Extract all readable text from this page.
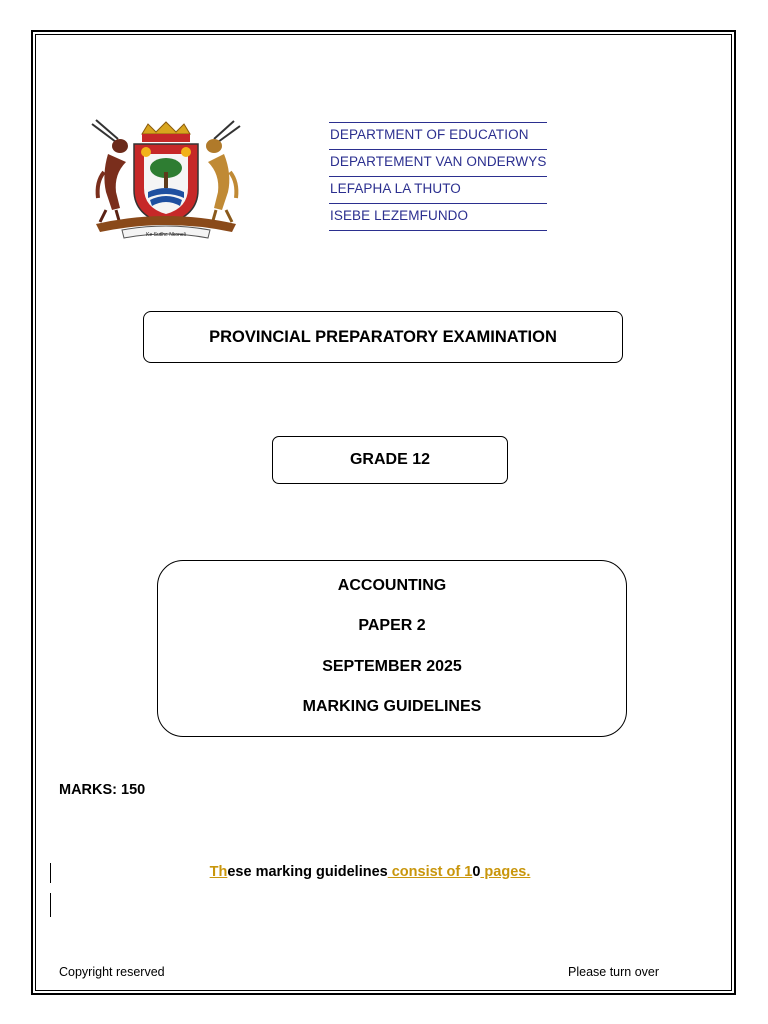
Ke Sutlhe Nkoneli
DEPARTMENT OF EDUCATION
DEPARTEMENT VAN ONDERWYS
LEFAPHA LA THUTO
ISEBE LEZEMFUNDO
PROVINCIAL PREPARATORY EXAMINATION
GRADE 12
ACCOUNTING
PAPER 2
SEPTEMBER 2025
MARKING GUIDELINES
MARKS: 150
These marking guidelines consist of 10 pages.
Copyright reserved	Please turn over
